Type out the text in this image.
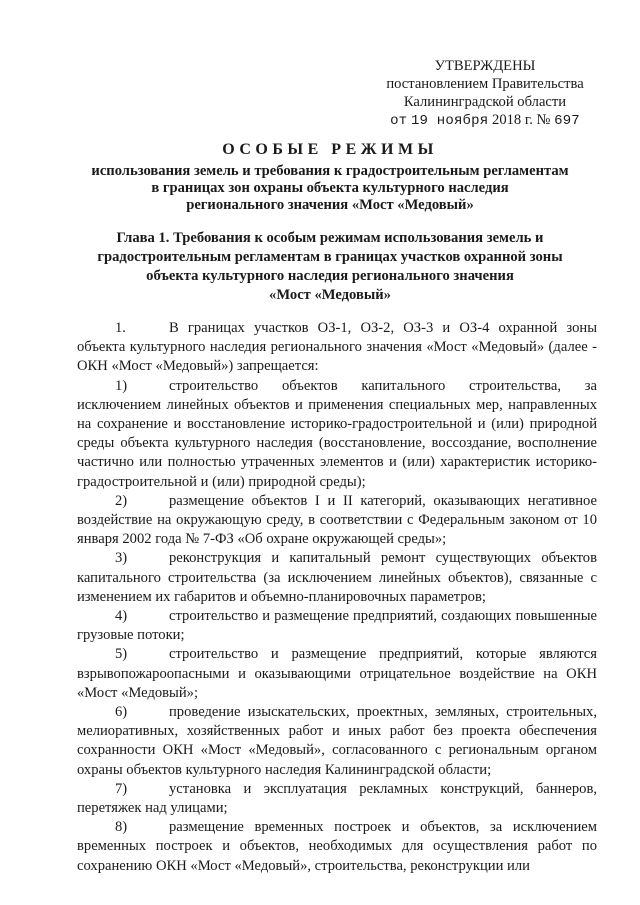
УТВЕРЖДЕНЫ
постановлением Правительства
Калининградской области
от 19 ноября 2018 г. № 697
ОСОБЫЕ РЕЖИМЫ
использования земель и требования к градостроительным регламентам
в границах зон охраны объекта культурного наследия
регионального значения «Мост «Медовый»
Глава 1. Требования к особым режимам использования земель и
градостроительным регламентам в границах участков охранной зоны
объекта культурного наследия регионального значения
«Мост «Медовый»

1.	В границах участков ОЗ-1, ОЗ-2, ОЗ-3 и ОЗ-4 охранной зоны объекта культурного наследия регионального значения «Мост «Медовый» (далее - ОКН «Мост «Медовый») запрещается:

1)	строительство объектов капитального строительства, за исключением линейных объектов и применения специальных мер, направленных на сохранение и восстановление историко-градостроительной и (или) природной среды объекта культурного наследия (восстановление, воссоздание, восполнение частично или полностью утраченных элементов и (или) характеристик историко-градостроительной и (или) природной среды);

2)	размещение объектов I и II категорий, оказывающих негативное воздействие на окружающую среду, в соответствии с Федеральным законом от 10 января 2002 года № 7-ФЗ «Об охране окружающей среды»;

3)	реконструкция и капитальный ремонт существующих объектов капитального строительства (за исключением линейных объектов), связанные с изменением их габаритов и объемно-планировочных параметров;

4)	строительство и размещение предприятий, создающих повышенные грузовые потоки;

5)	строительство и размещение предприятий, которые являются взрывопожароопасными и оказывающими отрицательное воздействие на ОКН «Мост «Медовый»;

6)	проведение изыскательских, проектных, земляных, строительных, мелиоративных, хозяйственных работ и иных работ без проекта обеспечения сохранности ОКН «Мост «Медовый», согласованного с региональным органом охраны объектов культурного наследия Калининградской области;

7)	установка и эксплуатация рекламных конструкций, баннеров, перетяжек над улицами;

8)	размещение временных построек и объектов, за исключением временных построек и объектов, необходимых для осуществления работ по сохранению ОКН «Мост «Медовый», строительства, реконструкции или
